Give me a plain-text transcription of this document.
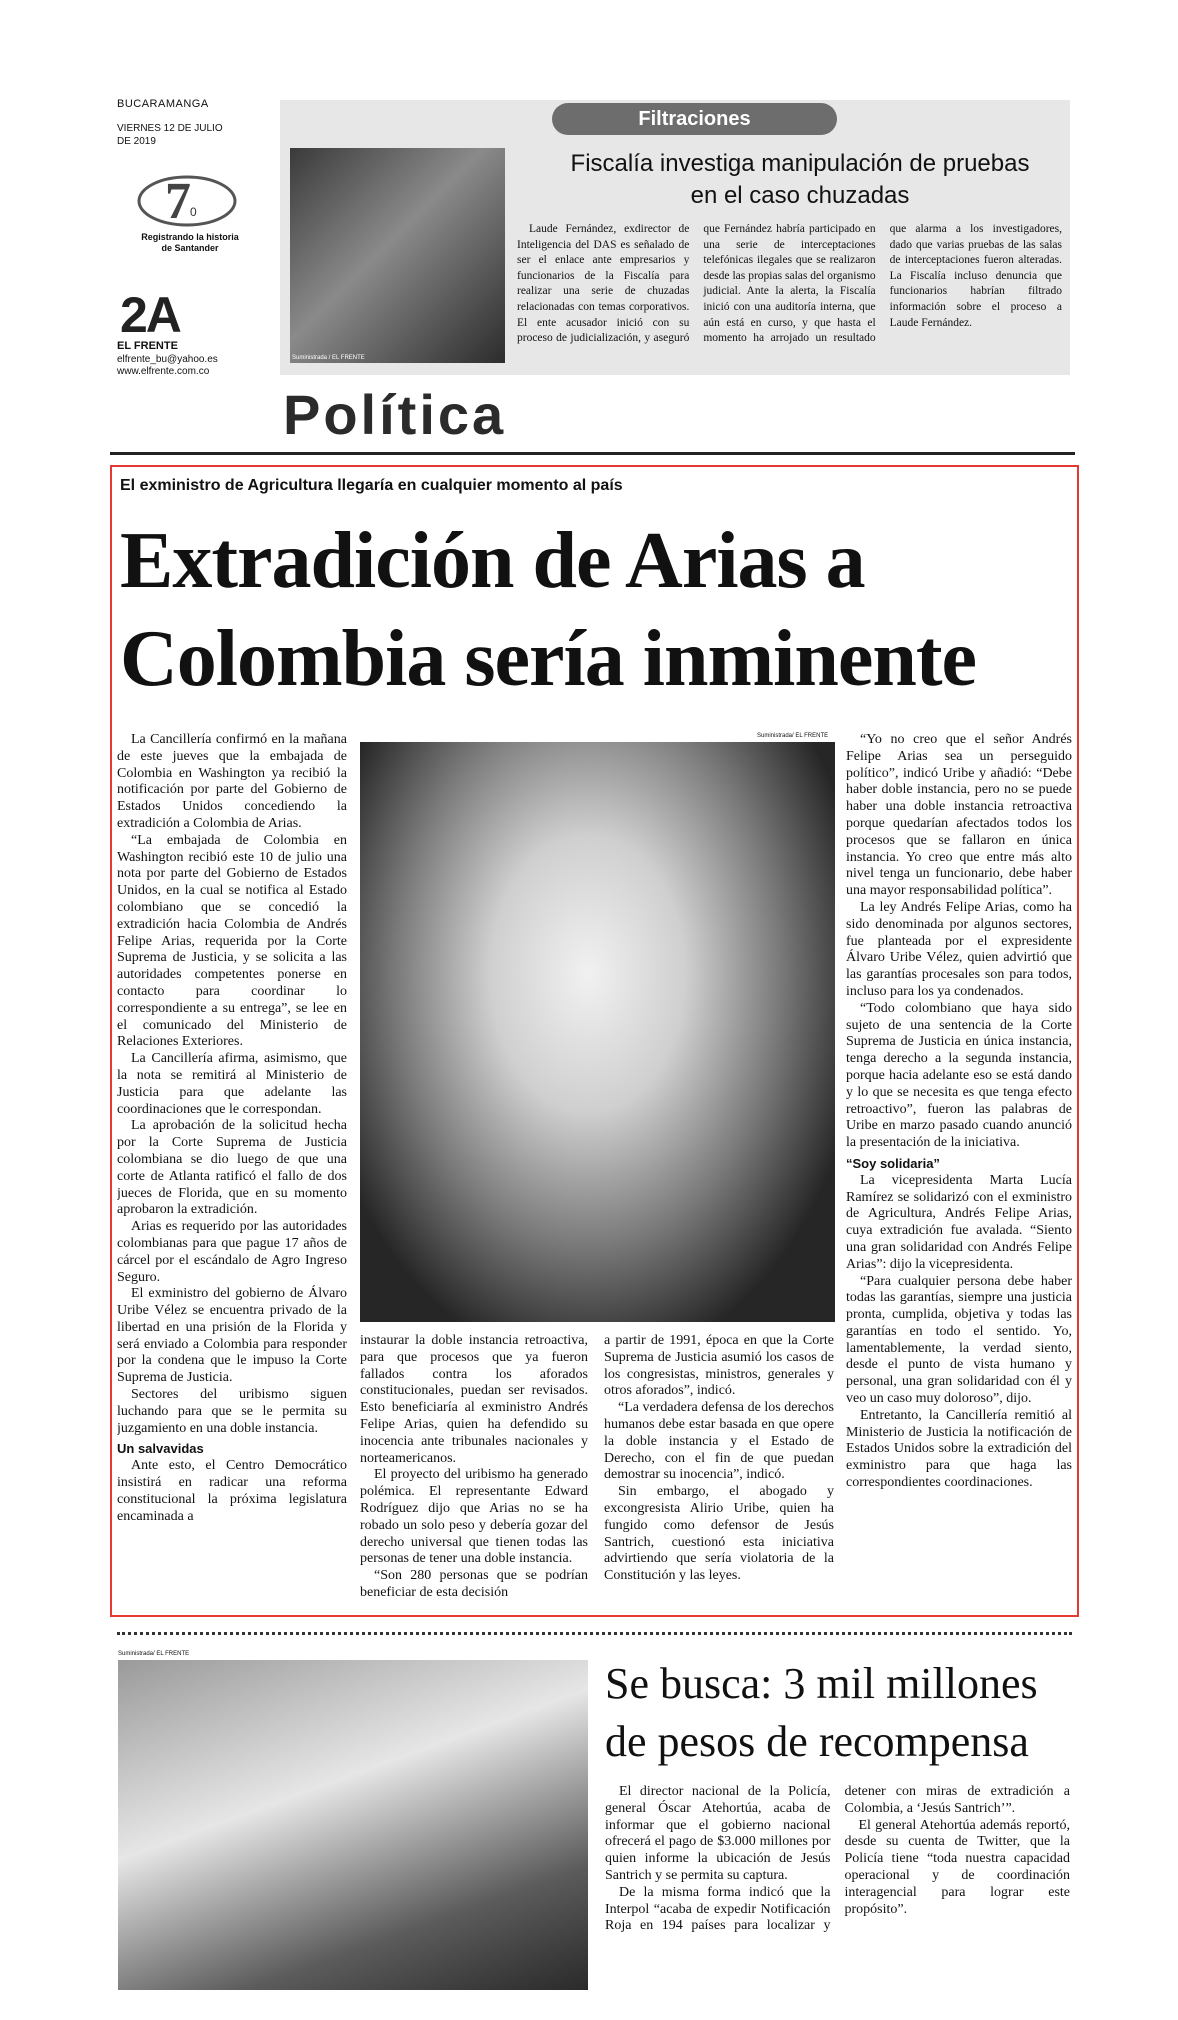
BUCARAMANGA
VIERNES 12 DE JULIO DE 2019
7 0
Registrando la historia de Santander
2A
EL FRENTE
elfrente_bu@yahoo.es
www.elfrente.com.co
Filtraciones
Suministrada / EL FRENTE
Fiscalía investiga manipulación de pruebas en el caso chuzadas
Laude Fernández, exdirector de Inteligencia del DAS es señalado de ser el enlace ante empresarios y funcionarios de la Fiscalía para realizar una serie de chuzadas relacionadas con temas corporativos. El ente acusador inició con su proceso de judicialización, y aseguró que Fernández habría participado en una serie de interceptaciones telefónicas ilegales que se realizaron desde las propias salas del organismo judicial. Ante la alerta, la Fiscalía inició con una auditoría interna, que aún está en curso, y que hasta el momento ha arrojado un resultado que alarma a los investigadores, dado que varias pruebas de las salas de interceptaciones fueron alteradas. La Fiscalía incluso denuncia que funcionarios habrían filtrado información sobre el proceso a Laude Fernández.
Política
El exministro de Agricultura llegaría en cualquier momento al país
Extradición de Arias a Colombia sería inminente
Suministrada/ EL FRENTE

La Cancillería confirmó en la mañana de este jueves que la embajada de Colombia en Washington ya recibió la notificación por parte del Gobierno de Estados Unidos concediendo la extradición a Colombia de Arias.

“La embajada de Colombia en Washington recibió este 10 de julio una nota por parte del Gobierno de Estados Unidos, en la cual se notifica al Estado colombiano que se concedió la extradición hacia Colombia de Andrés Felipe Arias, requerida por la Corte Suprema de Justicia, y se solicita a las autoridades competentes ponerse en contacto para coordinar lo correspondiente a su entrega”, se lee en el comunicado del Ministerio de Relaciones Exteriores.

La Cancillería afirma, asimismo, que la nota se remitirá al Ministerio de Justicia para que adelante las coordinaciones que le correspondan.

La aprobación de la solicitud hecha por la Corte Suprema de Justicia colombiana se dio luego de que una corte de Atlanta ratificó el fallo de dos jueces de Florida, que en su momento aprobaron la extradición.

Arias es requerido por las autoridades colombianas para que pague 17 años de cárcel por el escándalo de Agro Ingreso Seguro.

El exministro del gobierno de Álvaro Uribe Vélez se encuentra privado de la libertad en una prisión de la Florida y será enviado a Colombia para responder por la condena que le impuso la Corte Suprema de Justicia.

Sectores del uribismo siguen luchando para que se le permita su juzgamiento en una doble instancia.

Un salvavidas

Ante esto, el Centro Democrático insistirá en radicar una reforma constitucional la próxima legislatura encaminada a

instaurar la doble instancia retroactiva, para que procesos que ya fueron fallados contra los aforados constitucionales, puedan ser revisados. Esto beneficiaría al exministro Andrés Felipe Arias, quien ha defendido su inocencia ante tribunales nacionales y norteamericanos.

El proyecto del uribismo ha generado polémica. El representante Edward Rodríguez dijo que Arias no se ha robado un solo peso y debería gozar del derecho universal que tienen todas las personas de tener una doble instancia.

“Son 280 personas que se podrían beneficiar de esta decisión

a partir de 1991, época en que la Corte Suprema de Justicia asumió los casos de los congresistas, ministros, generales y otros aforados”, indicó.

“La verdadera defensa de los derechos humanos debe estar basada en que opere la doble instancia y el Estado de Derecho, con el fin de que puedan demostrar su inocencia”, indicó.

Sin embargo, el abogado y excongresista Alirio Uribe, quien ha fungido como defensor de Jesús Santrich, cuestionó esta iniciativa advirtiendo que sería violatoria de la Constitución y las leyes.

“Yo no creo que el señor Andrés Felipe Arias sea un perseguido político”, indicó Uribe y añadió: “Debe haber doble instancia, pero no se puede haber una doble instancia retroactiva porque quedarían afectados todos los procesos que se fallaron en única instancia. Yo creo que entre más alto nivel tenga un funcionario, debe haber una mayor responsabilidad política”.

La ley Andrés Felipe Arias, como ha sido denominada por algunos sectores, fue planteada por el expresidente Álvaro Uribe Vélez, quien advirtió que las garantías procesales son para todos, incluso para los ya condenados.

“Todo colombiano que haya sido sujeto de una sentencia de la Corte Suprema de Justicia en única instancia, tenga derecho a la segunda instancia, porque hacia adelante eso se está dando y lo que se necesita es que tenga efecto retroactivo”, fueron las palabras de Uribe en marzo pasado cuando anunció la presentación de la iniciativa.

“Soy solidaria”

La vicepresidenta Marta Lucía Ramírez se solidarizó con el exministro de Agricultura, Andrés Felipe Arias, cuya extradición fue avalada. “Siento una gran solidaridad con Andrés Felipe Arias”: dijo la vicepresidenta.

“Para cualquier persona debe haber todas las garantías, siempre una justicia pronta, cumplida, objetiva y todas las garantías en todo el sentido. Yo, lamentablemente, la verdad siento, desde el punto de vista humano y personal, una gran solidaridad con él y veo un caso muy doloroso”, dijo.

Entretanto, la Cancillería remitió al Ministerio de Justicia la notificación de Estados Unidos sobre la extradición del exministro para que haga las correspondientes coordinaciones.

Suministrada/ EL FRENTE
Se busca: 3 mil millones de pesos de recompensa

El director nacional de la Policía, general Óscar Atehortúa, acaba de informar que el gobierno nacional ofrecerá el pago de $3.000 millones por quien informe la ubicación de Jesús Santrich y se permita su captura.

De la misma forma indicó que la Interpol “acaba de expedir Notificación Roja en 194 países para localizar y detener con miras de extradición a Colombia, a ‘Jesús Santrich’”.

El general Atehortúa además reportó, desde su cuenta de Twitter, que la Policía tiene “toda nuestra capacidad operacional y de coordinación interagencial para lograr este propósito”.
